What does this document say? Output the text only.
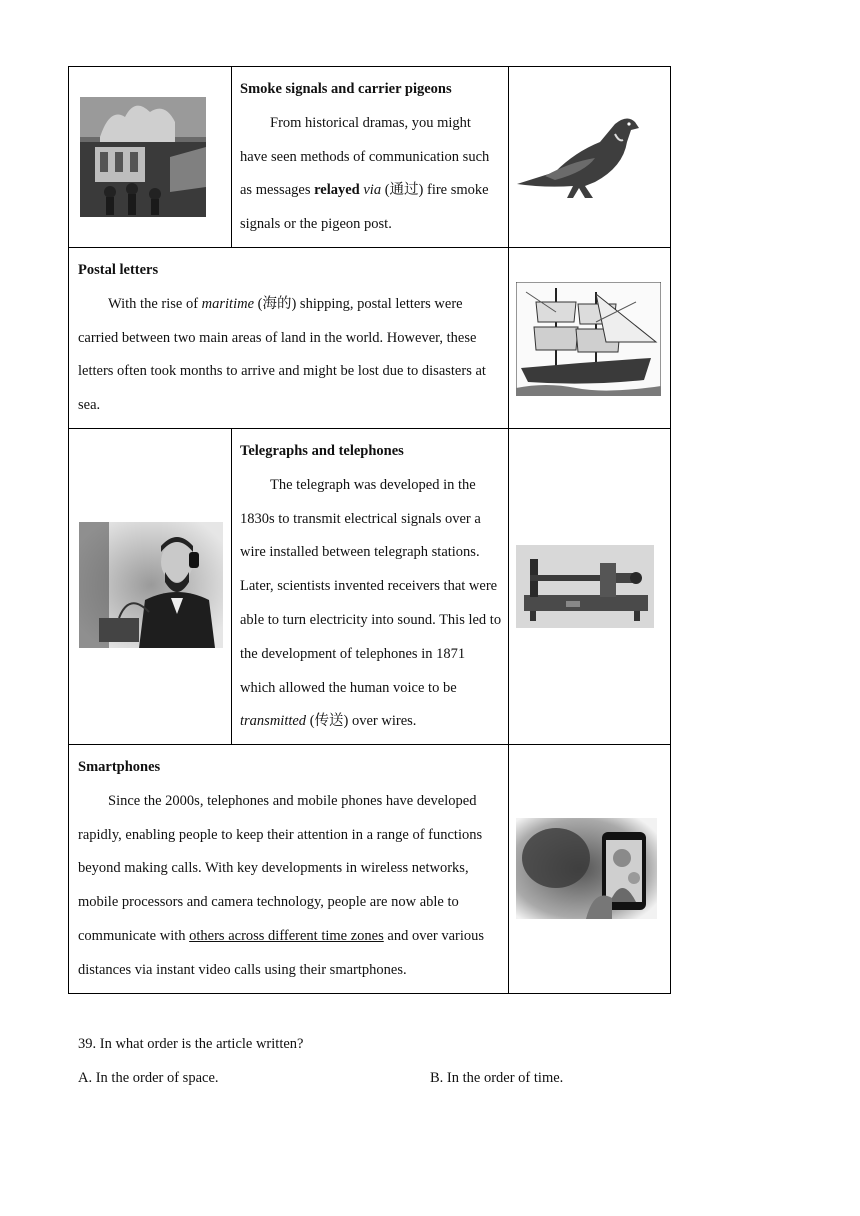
Smoke signals and carrier pigeons
From historical dramas, you might have seen methods of communication such as messages relayed via (通过) fire smoke signals or the pigeon post.
Postal letters
With the rise of maritime (海的) shipping, postal letters were carried between two main areas of land in the world. However, these letters often took months to arrive and might be lost due to disasters at sea.
Telegraphs and telephones
The telegraph was developed in the 1830s to transmit electrical signals over a wire installed between telegraph stations. Later, scientists invented receivers that were able to turn electricity into sound. This led to the development of telephones in 1871 which allowed the human voice to be transmitted (传送) over wires.
Smartphones
Since the 2000s, telephones and mobile phones have developed rapidly, enabling people to keep their attention in a range of functions beyond making calls. With key developments in wireless networks, mobile processors and camera technology, people are now able to communicate with others across different time zones and over various distances via instant video calls using their smartphones.
39. In what order is the article written?
A. In the order of space.	B. In the order of time.
